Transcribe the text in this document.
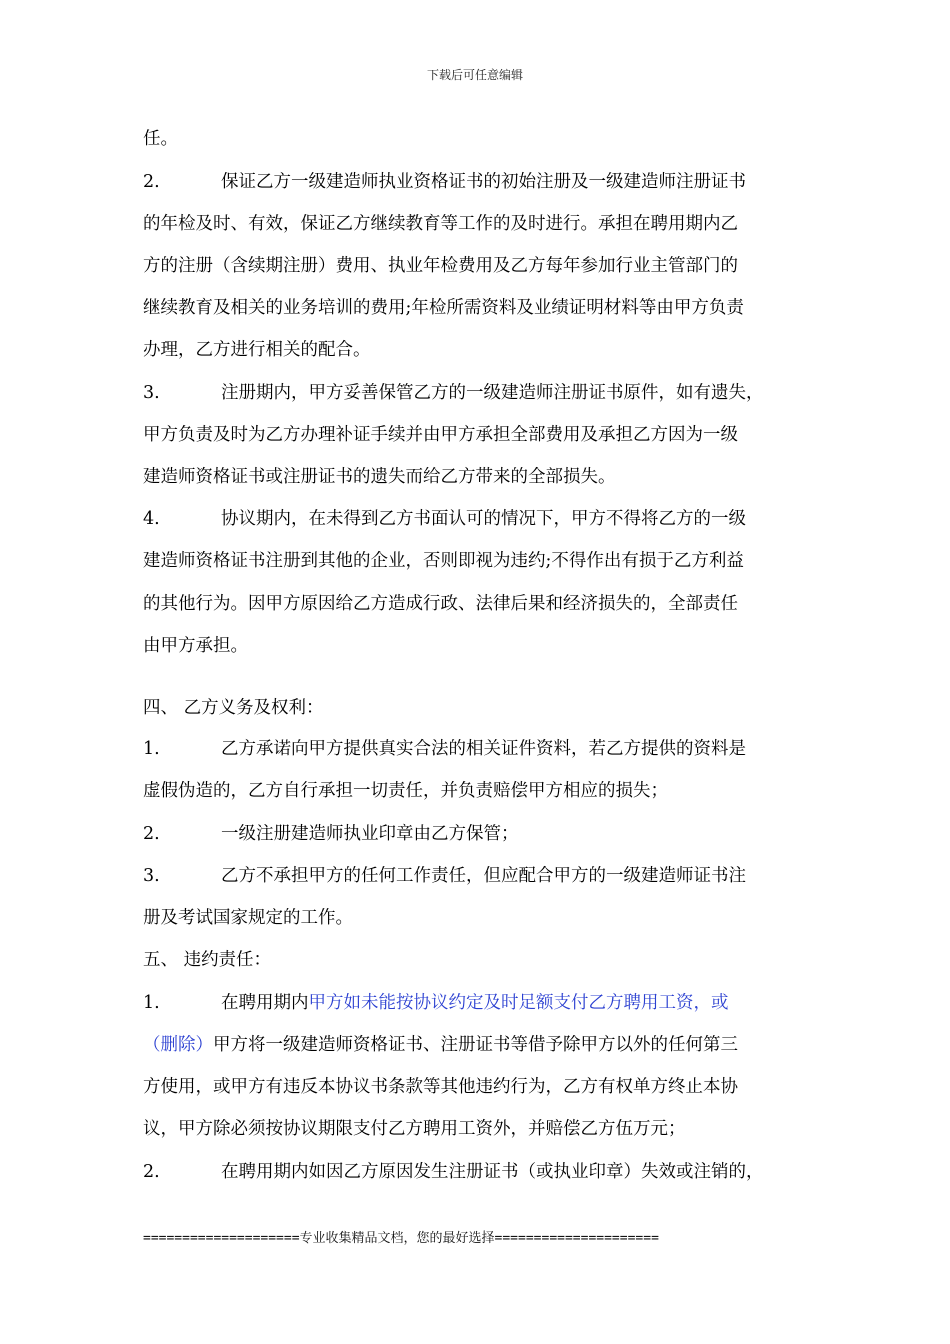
下载后可任意编辑
任。
2.	保证乙方一级建造师执业资格证书的初始注册及一级建造师注册证书
的年检及时、有效，保证乙方继续教育等工作的及时进行。承担在聘用期内乙
方的注册（含续期注册）费用、执业年检费用及乙方每年参加行业主管部门的
继续教育及相关的业务培训的费用;年检所需资料及业绩证明材料等由甲方负责
办理，乙方进行相关的配合。
3.	注册期内，甲方妥善保管乙方的一级建造师注册证书原件，如有遗失，
甲方负责及时为乙方办理补证手续并由甲方承担全部费用及承担乙方因为一级
建造师资格证书或注册证书的遗失而给乙方带来的全部损失。
4.	协议期内，在未得到乙方书面认可的情况下，甲方不得将乙方的一级
建造师资格证书注册到其他的企业，否则即视为违约;不得作出有损于乙方利益
的其他行为。因甲方原因给乙方造成行政、法律后果和经济损失的，全部责任
由甲方承担。
四、 乙方义务及权利：
1.	乙方承诺向甲方提供真实合法的相关证件资料，若乙方提供的资料是
虚假伪造的，乙方自行承担一切责任，并负责赔偿甲方相应的损失；
2.	一级注册建造师执业印章由乙方保管；
3.	乙方不承担甲方的任何工作责任，但应配合甲方的一级建造师证书注
册及考试国家规定的工作。
五、 违约责任：
1.	在聘用期内甲方如未能按协议约定及时足额支付乙方聘用工资，或
（删除）甲方将一级建造师资格证书、注册证书等借予除甲方以外的任何第三
方使用，或甲方有违反本协议书条款等其他违约行为，乙方有权单方终止本协
议，甲方除必须按协议期限支付乙方聘用工资外，并赔偿乙方伍万元；
2.	在聘用期内如因乙方原因发生注册证书（或执业印章）失效或注销的，
====================专业收集精品文档，您的最好选择=====================
